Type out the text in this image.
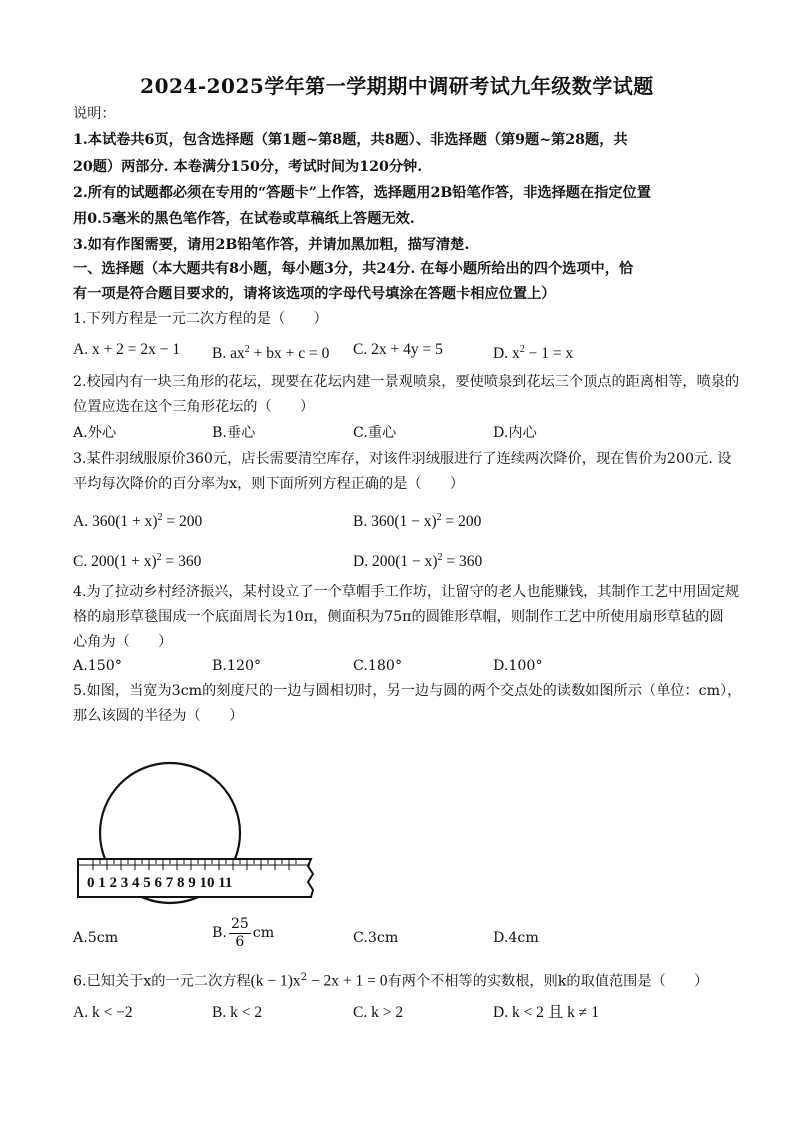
2024-2025学年第一学期期中调研考试九年级数学试题
说明：
1.本试卷共6页，包含选择题（第1题~第8题，共8题）、非选择题（第9题~第28题，共
20题）两部分. 本卷满分150分，考试时间为120分钟.
2.所有的试题都必须在专用的“答题卡”上作答，选择题用2B铅笔作答，非选择题在指定位置
用0.5毫米的黑色笔作答，在试卷或草稿纸上答题无效.
3.如有作图需要，请用2B铅笔作答，并请加黑加粗，描写清楚.
一、选择题（本大题共有8小题，每小题3分，共24分. 在每小题所给出的四个选项中，恰
有一项是符合题目要求的，请将该选项的字母代号填涂在答题卡相应位置上）
1.下列方程是一元二次方程的是（　　）
A. x + 2 = 2x − 1 B. $ax^2$ + bx + c = 0 C. 2x + 4y = 5	D. $x^2 - 1 = x$
2.校园内有一块三角形的花坛，现要在花坛内建一景观喷泉，要使喷泉到花坛三个顶点的距离相等，喷泉的
位置应选在这个三角形花坛的（　　）
A.外心	B.垂心	C.重心	D.内心
3.某件羽绒服原价360元，店长需要清空库存，对该件羽绒服进行了连续两次降价，现在售价为200元. 设
平均每次降价的百分率为x，则下面所列方程正确的是（　　）
A. $360(1 + x)^2 = 200$	B. $360(1 - x)^2 = 200$
C. $200(1 + x)^2 = 360$	D. $200(1 - x)^2 = 360$
4.为了拉动乡村经济振兴，某村设立了一个草帽手工作坊，让留守的老人也能赚钱，其制作工艺中用固定规
格的扇形草毯围成一个底面周长为10π，侧面积为75π的圆锥形草帽，则制作工艺中所使用扇形草毡的圆
心角为（　　）
A.150°	B.120°	C.180°	D.100°
5.如图，当宽为3cm的刻度尺的一边与圆相切时，另一边与圆的两个交点处的读数如图所示（单位：cm），
那么该圆的半径为（　　）
0 1 2 3 4 5 6 7 8 9 10 11
A.5cm	B. $\frac{25}{6}$ cm	C.3cm	D.4cm
6.已知关于x的一元二次方程$(k - 1)x^2 - 2x + 1 = 0$有两个不相等的实数根，则k的取值范围是（　　）
A. k < −2	B. k < 2	C. k > 2	D. k < 2 且 k ≠ 1
